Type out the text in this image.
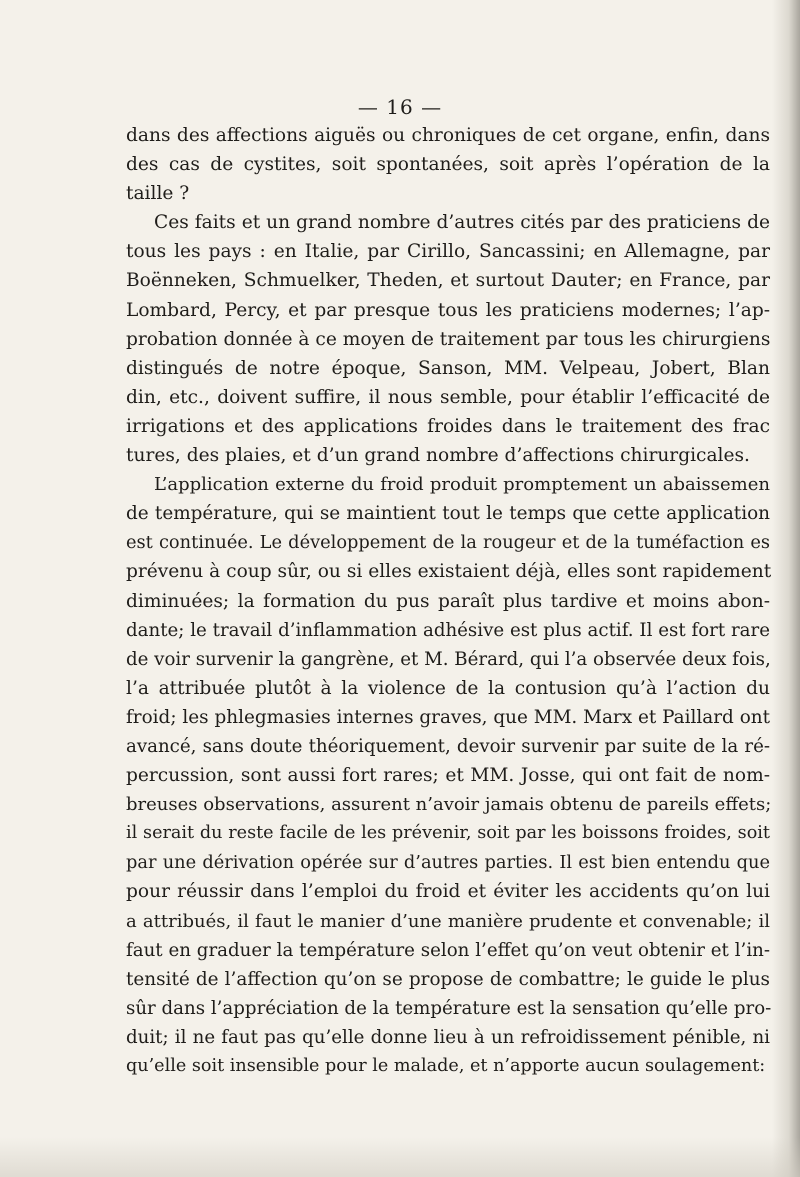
— 16 —
dans des affections aiguës ou chroniques de cet organe, enfin, dans
des cas de cystites, soit spontanées, soit après l’opération de la
taille ?
Ces faits et un grand nombre d’autres cités par des praticiens de
tous les pays : en Italie, par Cirillo, Sancassini; en Allemagne, par
Boënneken, Schmuelker, Theden, et surtout Dauter; en France, par
Lombard, Percy, et par presque tous les praticiens modernes; l’ap-
probation donnée à ce moyen de traitement par tous les chirurgiens
distingués de notre époque, Sanson, MM. Velpeau, Jobert, Blan
din, etc., doivent suffire, il nous semble, pour établir l’efficacité de
irrigations et des applications froides dans le traitement des frac
tures, des plaies, et d’un grand nombre d’affections chirurgicales.
L’application externe du froid produit promptement un abaissemen
de température, qui se maintient tout le temps que cette application
est continuée. Le développement de la rougeur et de la tuméfaction es
prévenu à coup sûr, ou si elles existaient déjà, elles sont rapidement
diminuées; la formation du pus paraît plus tardive et moins abon-
dante; le travail d’inflammation adhésive est plus actif. Il est fort rare
de voir survenir la gangrène, et M. Bérard, qui l’a observée deux fois,
l’a attribuée plutôt à la violence de la contusion qu’à l’action du
froid; les phlegmasies internes graves, que MM. Marx et Paillard ont
avancé, sans doute théoriquement, devoir survenir par suite de la ré-
percussion, sont aussi fort rares; et MM. Josse, qui ont fait de nom-
breuses observations, assurent n’avoir jamais obtenu de pareils effets;
il serait du reste facile de les prévenir, soit par les boissons froides, soit
par une dérivation opérée sur d’autres parties. Il est bien entendu que
pour réussir dans l’emploi du froid et éviter les accidents qu’on lui
a attribués, il faut le manier d’une manière prudente et convenable; il
faut en graduer la température selon l’effet qu’on veut obtenir et l’in-
tensité de l’affection qu’on se propose de combattre; le guide le plus
sûr dans l’appréciation de la température est la sensation qu’elle pro-
duit; il ne faut pas qu’elle donne lieu à un refroidissement pénible, ni
qu’elle soit insensible pour le malade, et n’apporte aucun soulagement:
